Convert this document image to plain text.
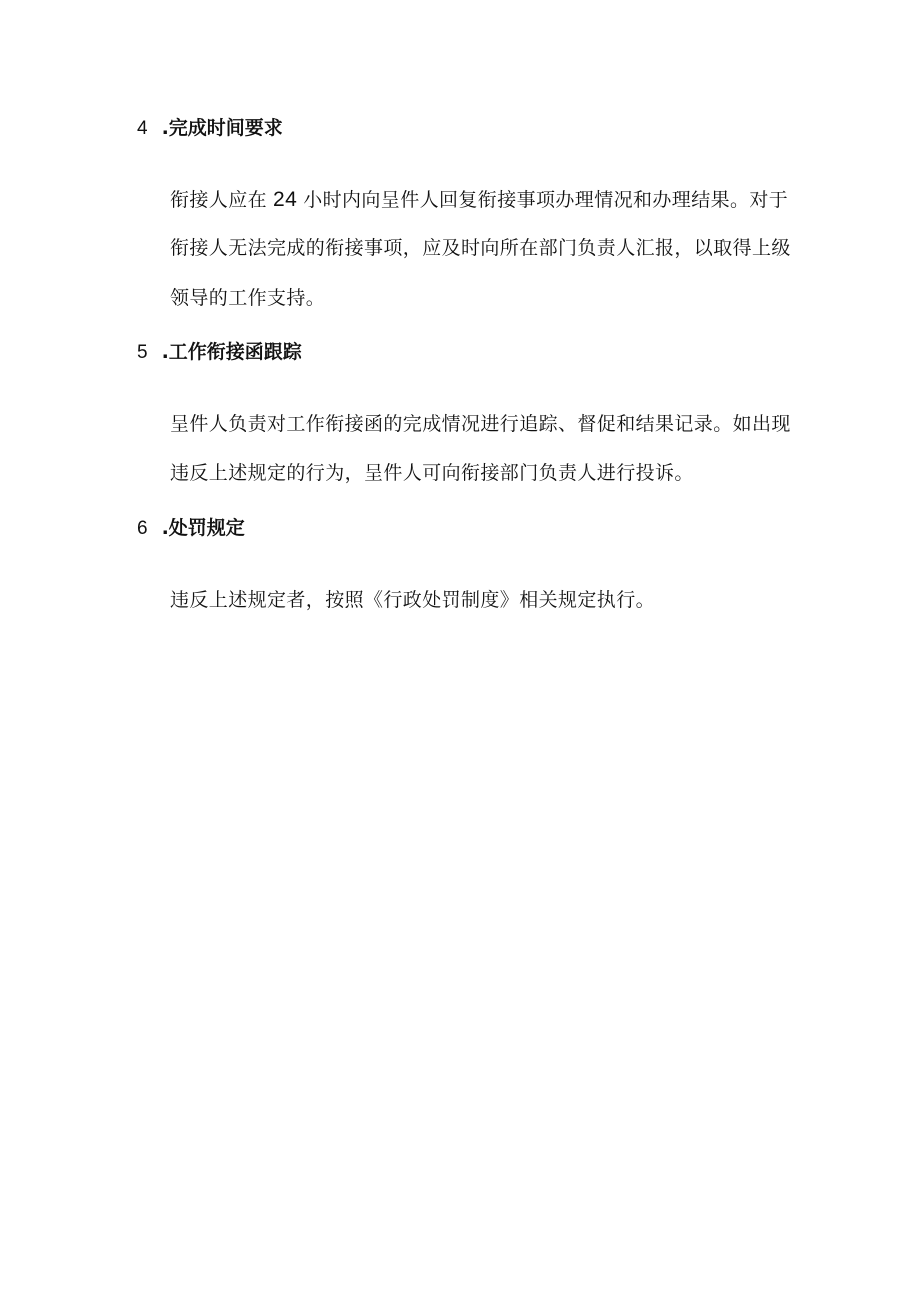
4 .完成时间要求
衔接人应在 24 小时内向呈件人回复衔接事项办理情况和办理结果。对于
衔接人无法完成的衔接事项，应及时向所在部门负责人汇报，以取得上级
领导的工作支持。
5 .工作衔接函跟踪
呈件人负责对工作衔接函的完成情况进行追踪、督促和结果记录。如出现
违反上述规定的行为，呈件人可向衔接部门负责人进行投诉。
6 .处罚规定
违反上述规定者，按照《行政处罚制度》相关规定执行。
